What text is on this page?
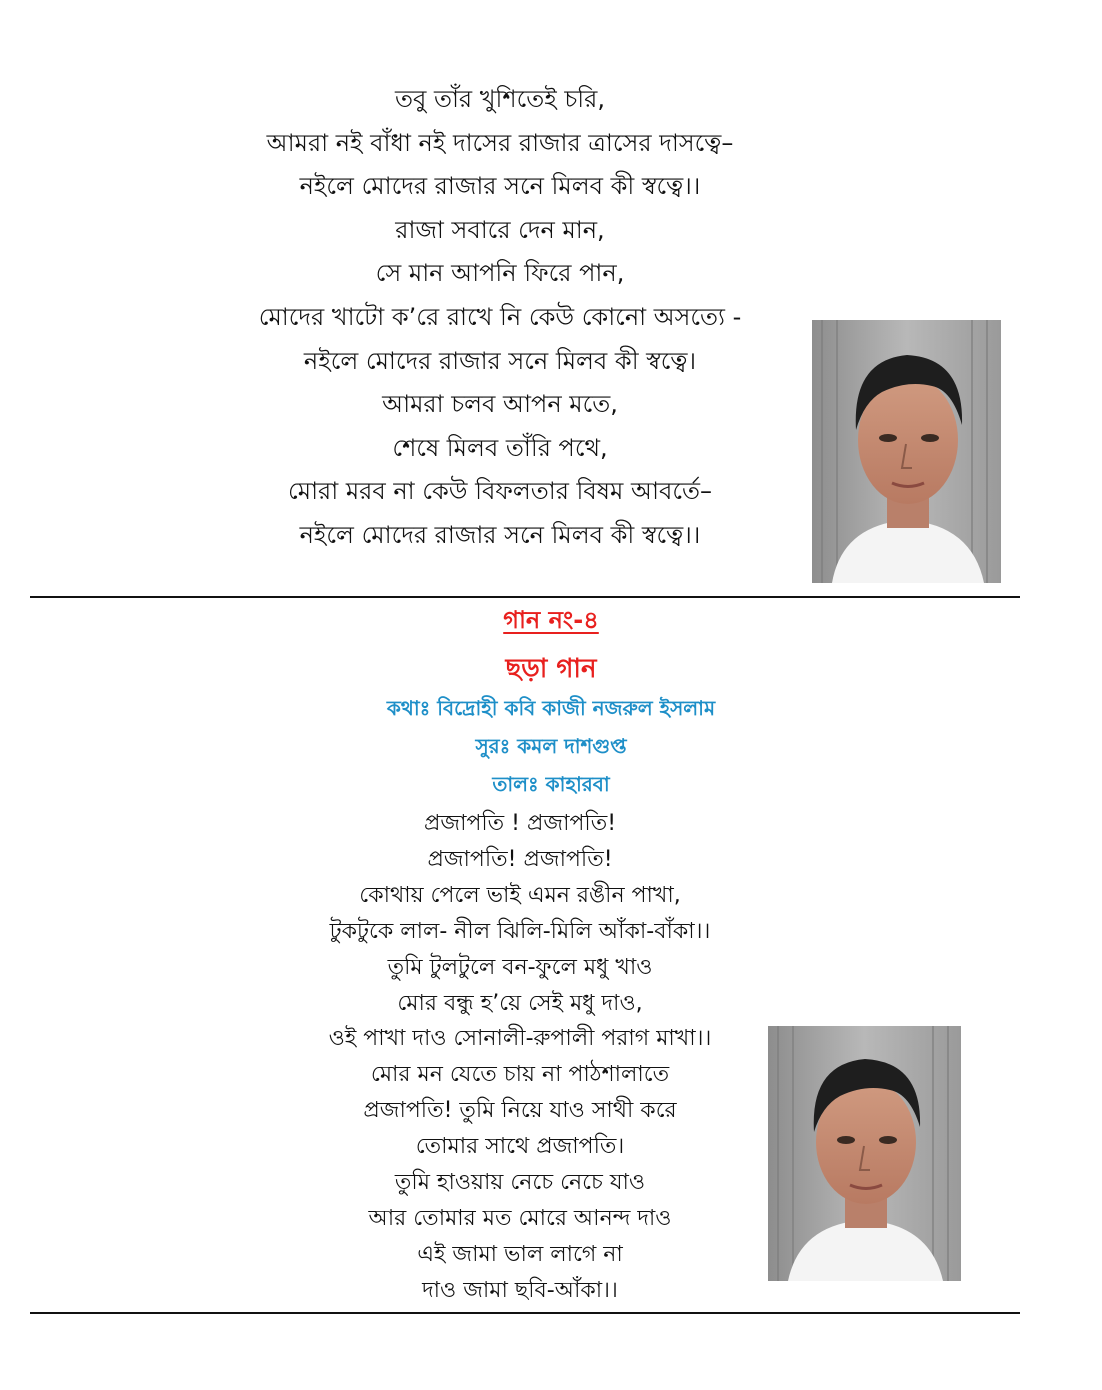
তবু তাঁর খুশিতেই চরি,
আমরা নই বাঁধা নই দাসের রাজার ত্রাসের দাসত্বে–
নইলে মোদের রাজার সনে মিলব কী স্বত্বে।।
রাজা সবারে দেন মান,
সে মান আপনি ফিরে পান,
মোদের খাটো ক’রে রাখে নি কেউ কোনো অসত্যে -
নইলে মোদের রাজার সনে মিলব কী স্বত্বে।
আমরা চলব আপন মতে,
শেষে মিলব তাঁরি পথে,
মোরা মরব না কেউ বিফলতার বিষম আবর্তে–
নইলে মোদের রাজার সনে মিলব কী স্বত্বে।।
গান নং-৪
ছড়া গান
কথাঃ বিদ্রোহী কবি কাজী নজরুল ইসলাম
সুরঃ কমল দাশগুপ্ত
তালঃ কাহারবা
প্রজাপতি ! প্রজাপতি!
প্রজাপতি! প্রজাপতি!
কোথায় পেলে ভাই এমন রঙীন পাখা,
টুকটুকে লাল- নীল ঝিলি-মিলি আঁকা-বাঁকা।।
তুমি টুলটুলে বন-ফুলে মধু খাও
মোর বন্ধু হ’য়ে সেই মধু দাও,
ওই পাখা দাও সোনালী-রুপালী পরাগ মাখা।।
মোর মন যেতে চায় না পাঠশালাতে
প্রজাপতি! তুমি নিয়ে যাও সাথী করে
তোমার সাথে প্রজাপতি।
তুমি হাওয়ায় নেচে নেচে যাও
আর তোমার মত মোরে আনন্দ দাও
এই জামা ভাল লাগে না
দাও জামা ছবি-আঁকা।।
